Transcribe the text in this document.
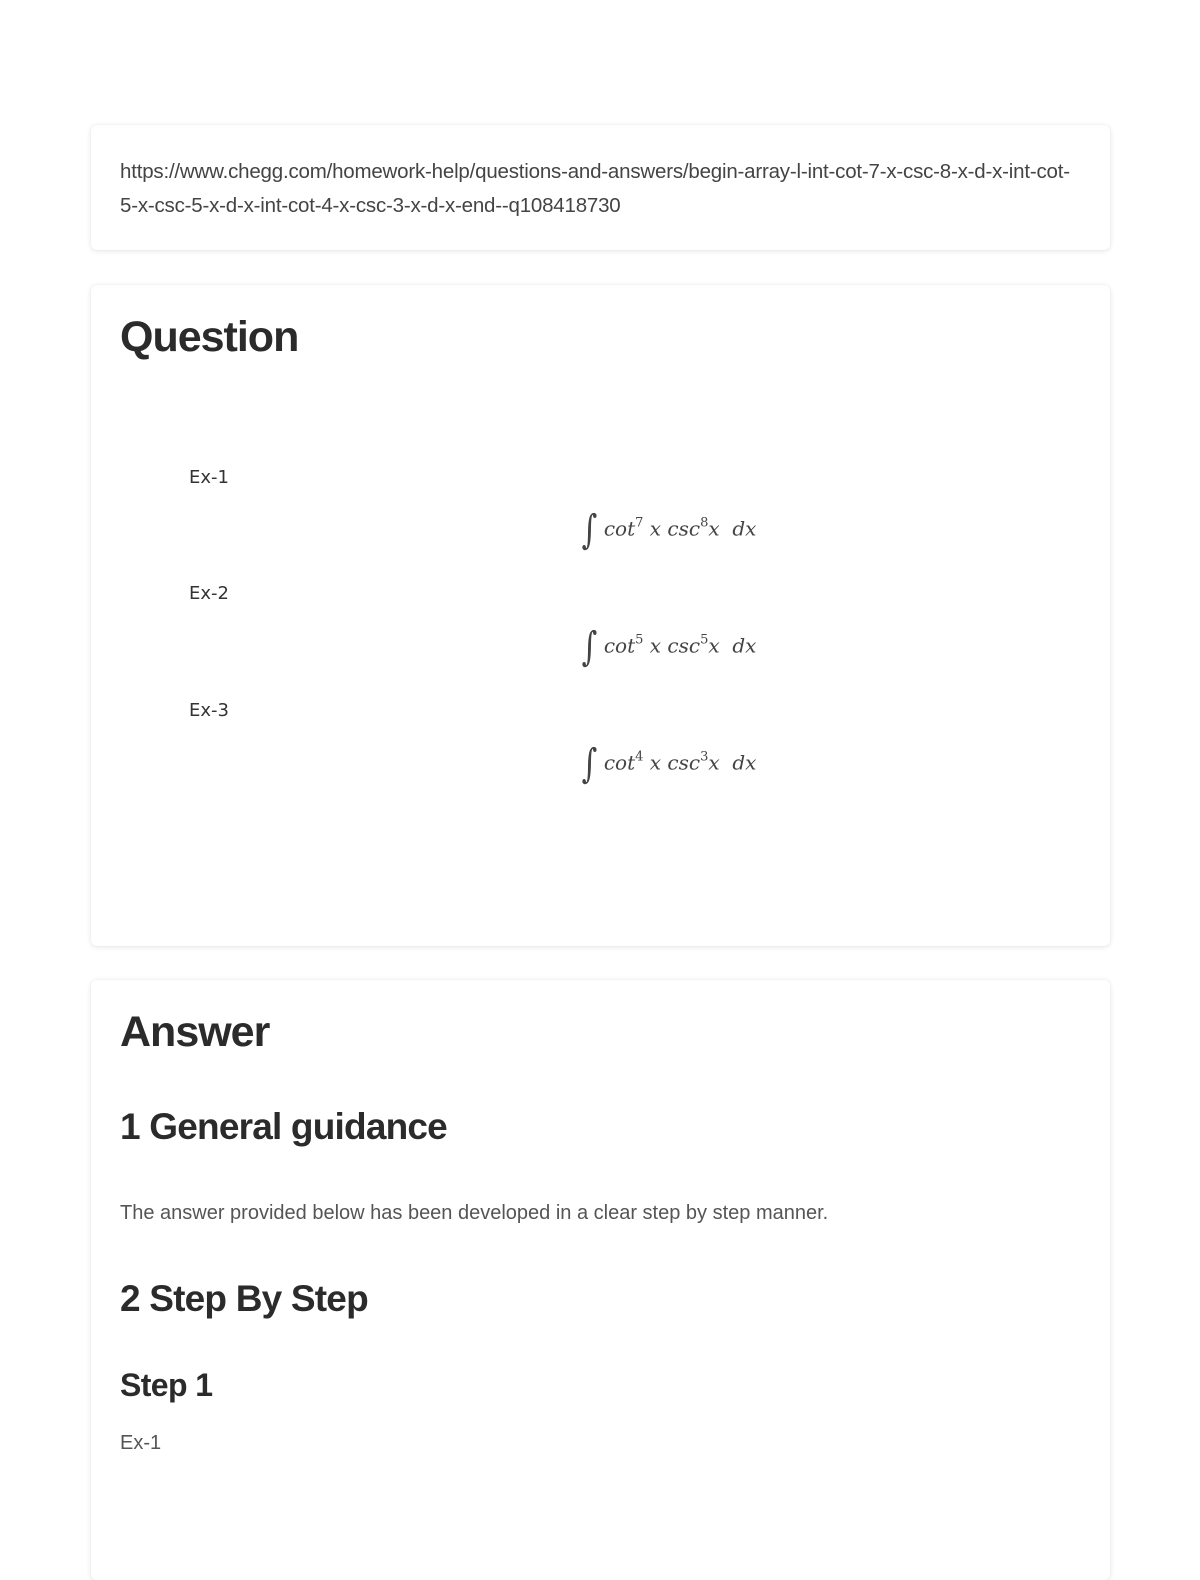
https://www.chegg.com/homework-help/questions-and-answers/begin-array-l-int-cot-7-x-csc-8-x-d-x-int-cot-5-x-csc-5-x-d-x-int-cot-4-x-csc-3-x-d-x-end--q108418730
Question
Ex-1
∫ $\cot^7 x$ $\csc^8x$ dx
Ex-2
∫ $\cot^5 x$ $\csc^5x$ dx
Ex-3
∫ $\cot^4 x$ $\csc^3x$ dx
Answer
1 General guidance
The answer provided below has been developed in a clear step by step manner.
2 Step By Step
Step 1
Ex-1
